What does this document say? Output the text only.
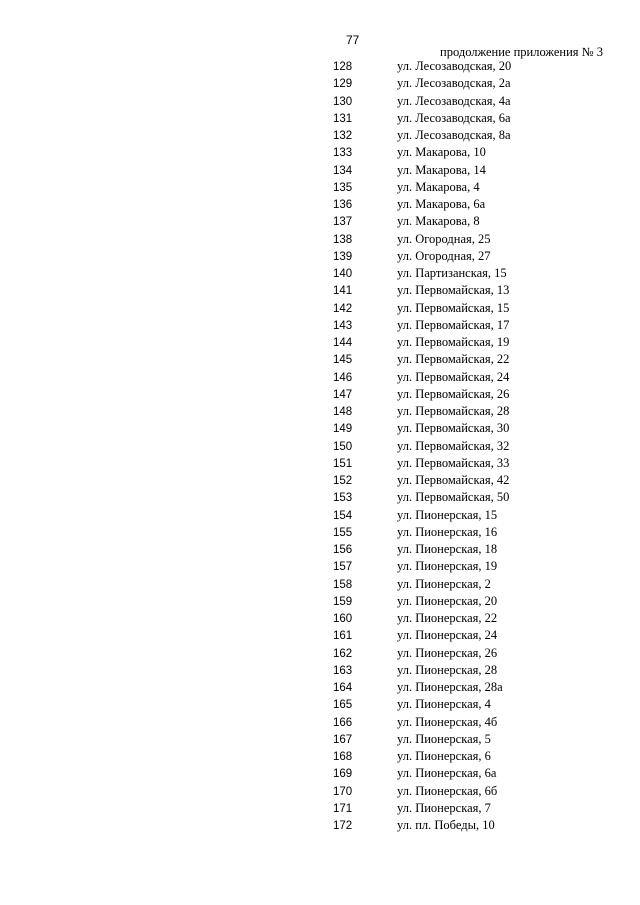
77
продолжение приложения № 3
128	ул. Лесозаводская, 20
129	ул. Лесозаводская, 2а
130	ул. Лесозаводская, 4а
131	ул. Лесозаводская, 6а
132	ул. Лесозаводская, 8а
133	ул. Макарова, 10
134	ул. Макарова, 14
135	ул. Макарова, 4
136	ул. Макарова, 6а
137	ул. Макарова, 8
138	ул. Огородная, 25
139	ул. Огородная, 27
140	ул. Партизанская, 15
141	ул. Первомайская, 13
142	ул. Первомайская, 15
143	ул. Первомайская, 17
144	ул. Первомайская, 19
145	ул. Первомайская, 22
146	ул. Первомайская, 24
147	ул. Первомайская, 26
148	ул. Первомайская, 28
149	ул. Первомайская, 30
150	ул. Первомайская, 32
151	ул. Первомайская, 33
152	ул. Первомайская, 42
153	ул. Первомайская, 50
154	ул. Пионерская, 15
155	ул. Пионерская, 16
156	ул. Пионерская, 18
157	ул. Пионерская, 19
158	ул. Пионерская, 2
159	ул. Пионерская, 20
160	ул. Пионерская, 22
161	ул. Пионерская, 24
162	ул. Пионерская, 26
163	ул. Пионерская, 28
164	ул. Пионерская, 28а
165	ул. Пионерская, 4
166	ул. Пионерская, 4б
167	ул. Пионерская, 5
168	ул. Пионерская, 6
169	ул. Пионерская, 6а
170	ул. Пионерская, 6б
171	ул. Пионерская, 7
172	ул. пл. Победы, 10
